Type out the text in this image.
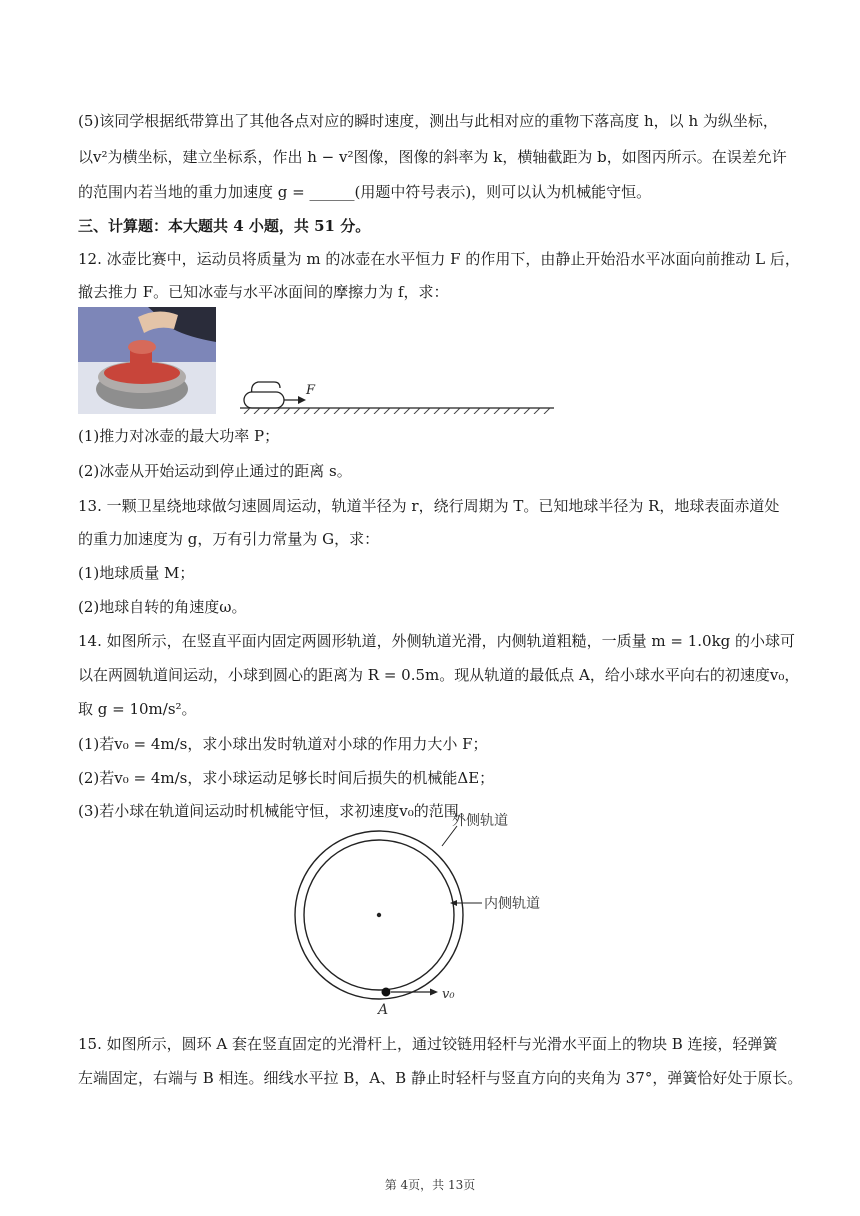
(5)该同学根据纸带算出了其他各点对应的瞬时速度，测出与此相对应的重物下落高度 h，以 h 为纵坐标，
以v²为横坐标，建立坐标系，作出 h − v²图像，图像的斜率为 k，横轴截距为 b，如图丙所示。在误差允许
的范围内若当地的重力加速度 g = ______(用题中符号表示)，则可以认为机械能守恒。
三、计算题：本大题共 4 小题，共 51 分。
12. 冰壶比赛中，运动员将质量为 m 的冰壶在水平恒力 F 的作用下，由静止开始沿水平冰面向前推动 L 后，
撤去推力 F。已知冰壶与水平冰面间的摩擦力为 f，求：
F
(1)推力对冰壶的最大功率 P；
(2)冰壶从开始运动到停止通过的距离 s。
13. 一颗卫星绕地球做匀速圆周运动，轨道半径为 r，绕行周期为 T。已知地球半径为 R，地球表面赤道处
的重力加速度为 g，万有引力常量为 G，求：
(1)地球质量 M；
(2)地球自转的角速度ω。
14. 如图所示，在竖直平面内固定两圆形轨道，外侧轨道光滑，内侧轨道粗糙，一质量 m = 1.0kg 的小球可
以在两圆轨道间运动，小球到圆心的距离为 R = 0.5m。现从轨道的最低点 A，给小球水平向右的初速度v₀，
取 g = 10m/s²。
(1)若v₀ = 4m/s，求小球出发时轨道对小球的作用力大小 F；
(2)若v₀ = 4m/s，求小球运动足够长时间后损失的机械能ΔE；
(3)若小球在轨道间运动时机械能守恒，求初速度v₀的范围。
外侧轨道
内侧轨道
v₀
A
15. 如图所示，圆环 A 套在竖直固定的光滑杆上，通过铰链用轻杆与光滑水平面上的物块 B 连接，轻弹簧
左端固定，右端与 B 相连。细线水平拉 B，A、B 静止时轻杆与竖直方向的夹角为 37°，弹簧恰好处于原长。
第 4页，共 13页
